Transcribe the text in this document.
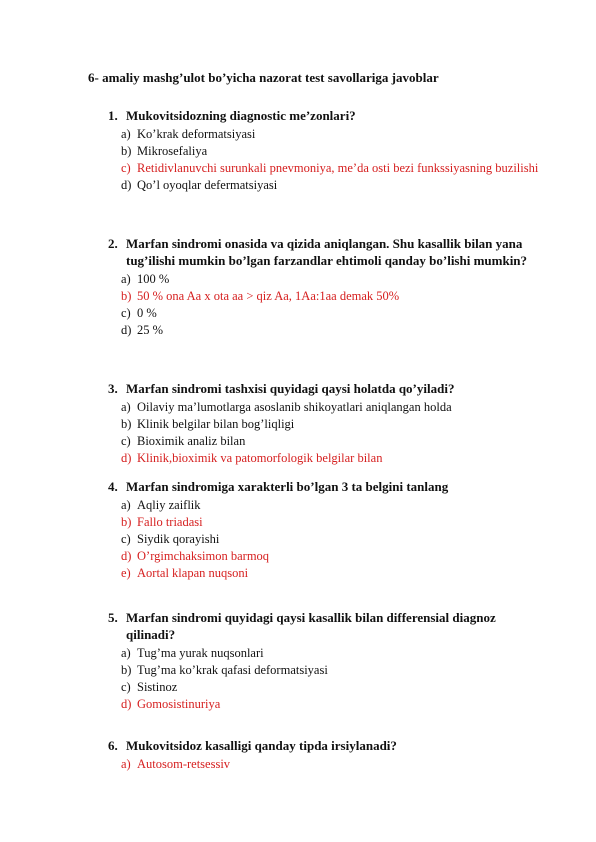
6- amaliy mashg’ulot bo’yicha nazorat test savollariga javoblar
1. Mukovitsidozning diagnostic me’zonlari?
a) Ko’krak deformatsiyasi
b) Mikrosefaliya
c) Retidivlanuvchi surunkali pnevmoniya, me’da osti bezi funkssiyasning buzilishi
d) Qo’l oyoqlar defermatsiyasi
2. Marfan sindromi onasida va qizida aniqlangan. Shu kasallik bilan yana tug’ilishi mumkin bo’lgan farzandlar ehtimoli qanday bo’lishi mumkin?
a) 100 %
b) 50 % ona Aa x ota aa > qiz Aa, 1Aa:1aa demak 50%
c) 0 %
d) 25 %
3. Marfan sindromi tashxisi quyidagi qaysi holatda qo’yiladi?
a) Oilaviy ma’lumotlarga asoslanib shikoyatlari aniqlangan holda
b) Klinik belgilar bilan bog’liqligi
c) Bioximik analiz bilan
d) Klinik,bioximik va patomorfologik belgilar bilan
4. Marfan sindromiga xarakterli bo’lgan 3 ta belgini tanlang
a) Aqliy zaiflik
b) Fallo triadasi
c) Siydik qorayishi
d) O’rgimchaksimon barmoq
e) Aortal klapan nuqsoni
5. Marfan sindromi quyidagi qaysi kasallik bilan differensial diagnoz qilinadi?
a) Tug’ma yurak nuqsonlari
b) Tug’ma ko’krak qafasi deformatsiyasi
c) Sistinoz
d) Gomosistinuriya
6. Mukovitsidoz kasalligi qanday tipda irsiylanadi?
a) Autosom-retsessiv
